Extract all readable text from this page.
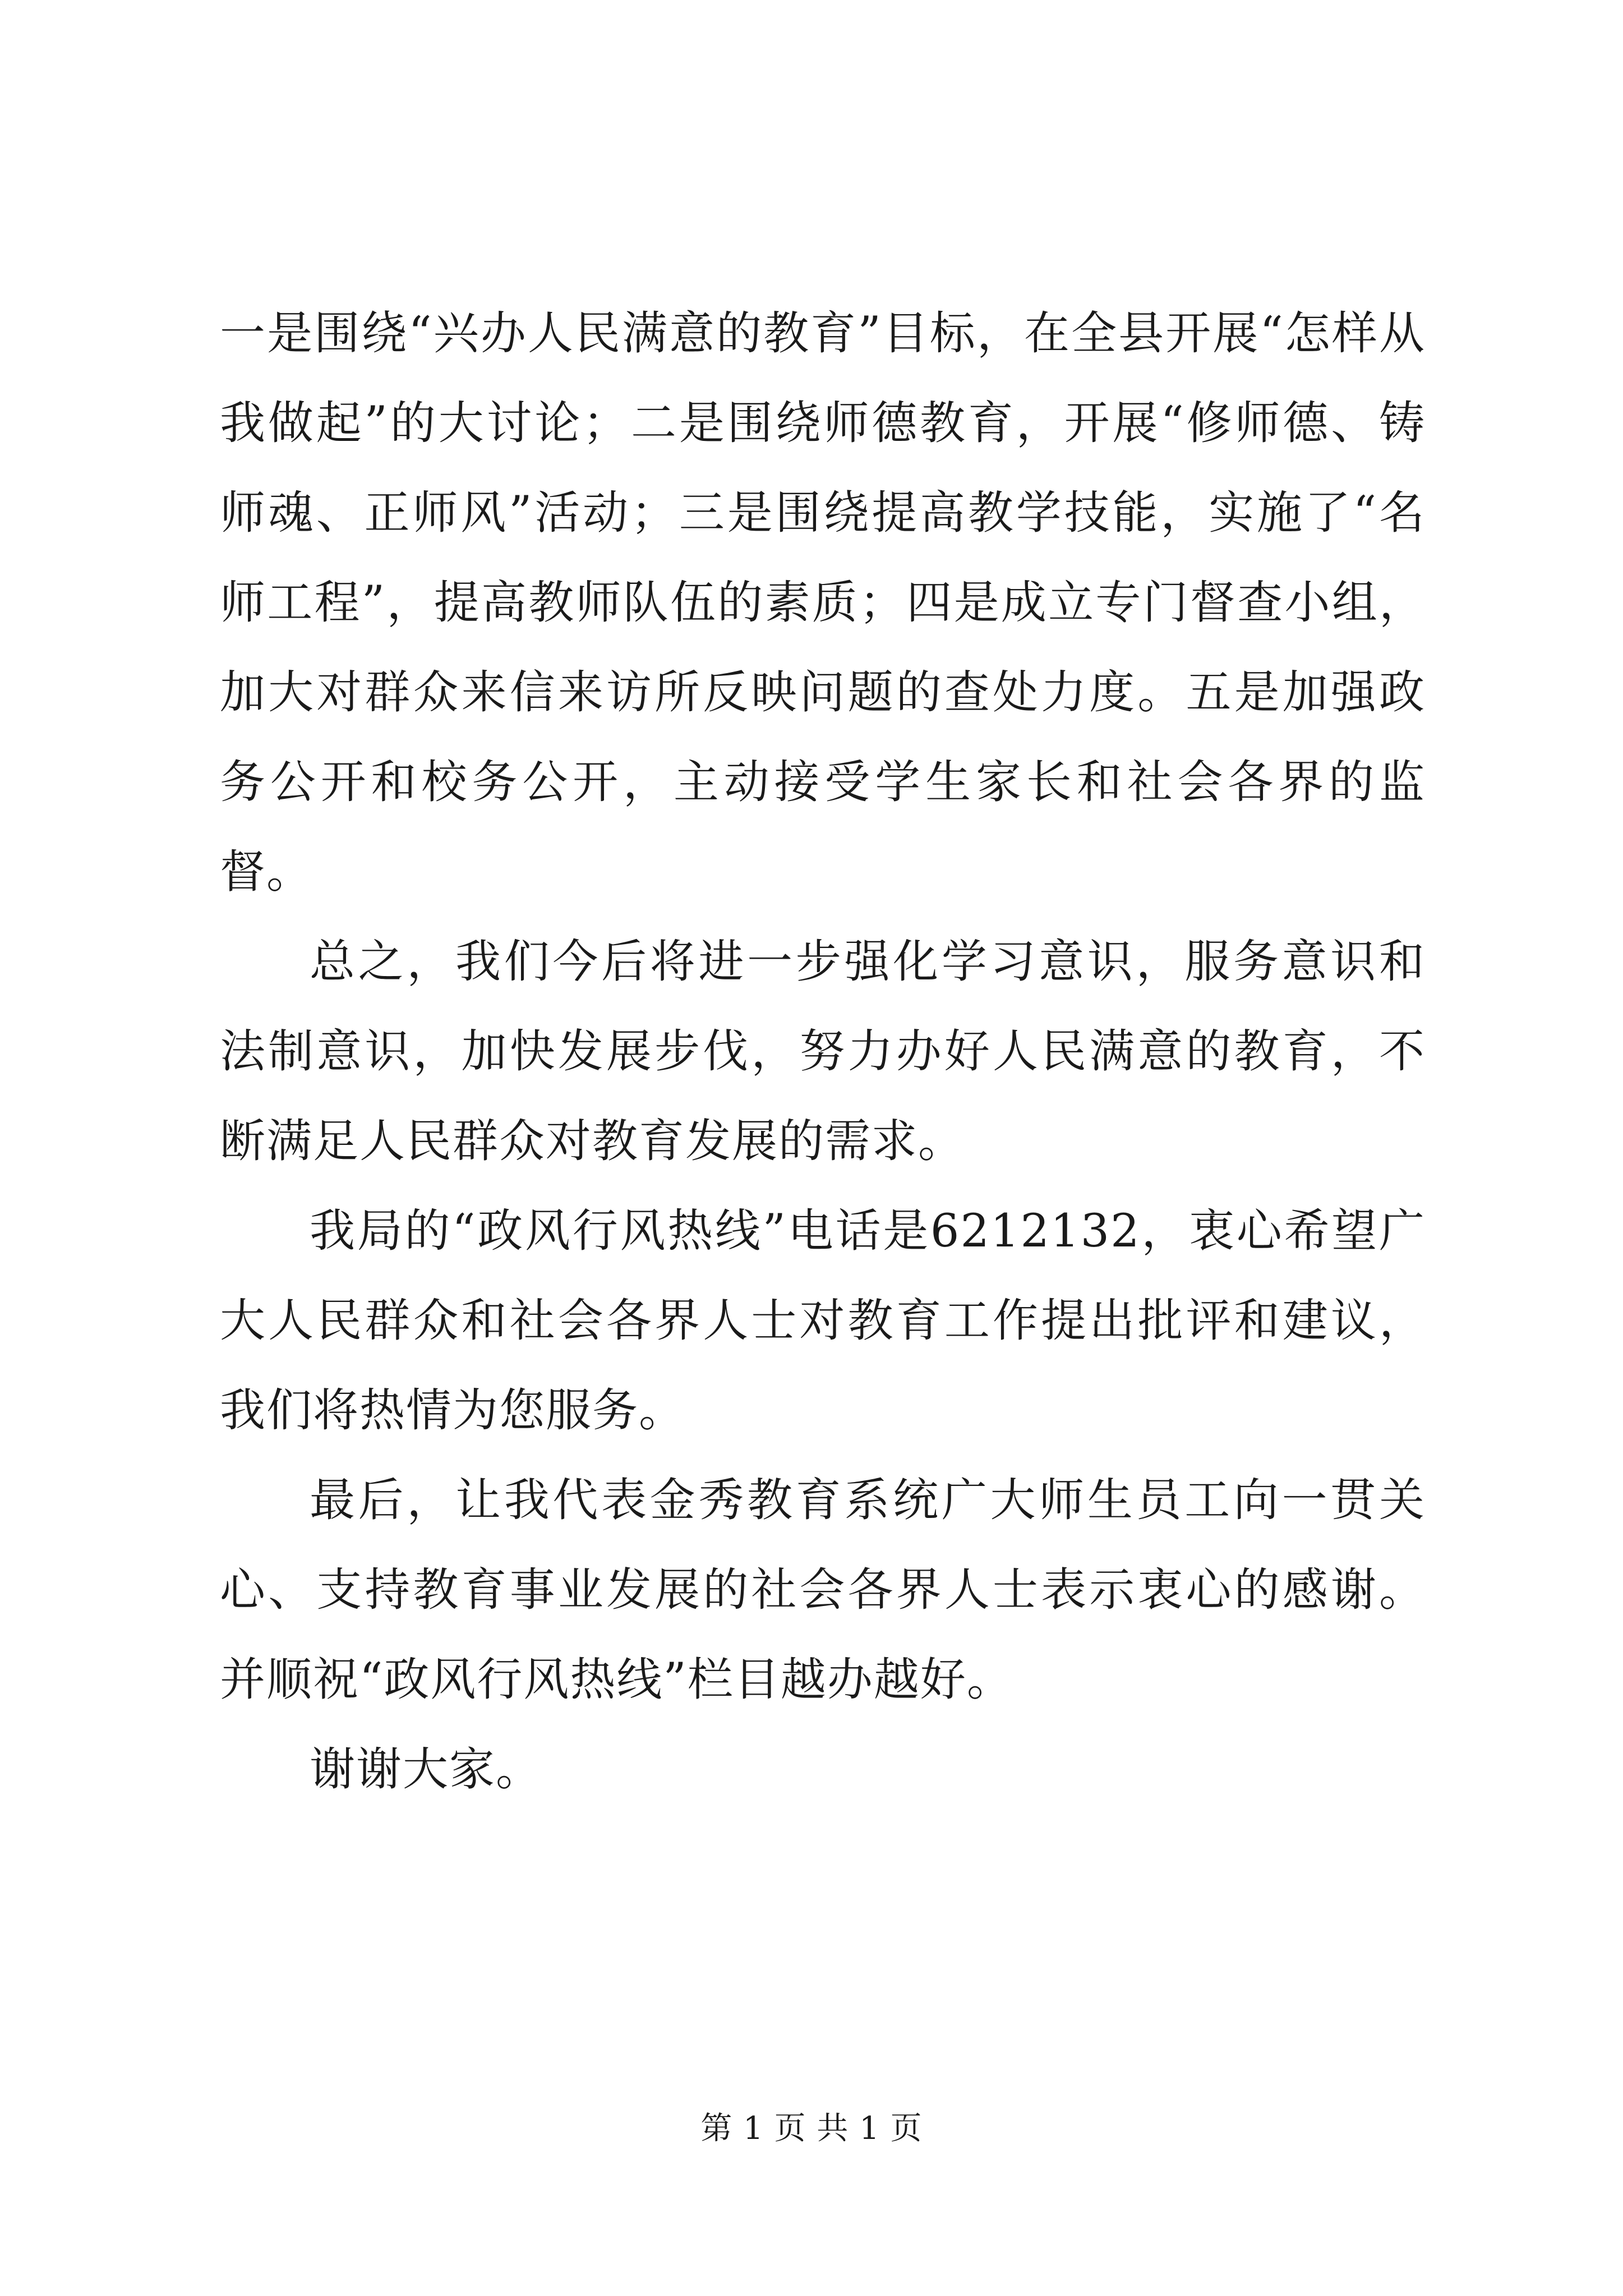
一是围绕“兴办人民满意的教育”目标，在全县开展“怎样从我做起”的大讨论；二是围绕师德教育，开展“修师德、铸师魂、正师风”活动；三是围绕提高教学技能，实施了“名师工程”，提高教师队伍的素质；四是成立专门督查小组，加大对群众来信来访所反映问题的查处力度。五是加强政务公开和校务公开，主动接受学生家长和社会各界的监督。

总之，我们今后将进一步强化学习意识，服务意识和法制意识，加快发展步伐，努力办好人民满意的教育，不断满足人民群众对教育发展的需求。

我局的“政风行风热线”电话是6212132，衷心希望广大人民群众和社会各界人士对教育工作提出批评和建议，我们将热情为您服务。

最后，让我代表金秀教育系统广大师生员工向一贯关心、支持教育事业发展的社会各界人士表示衷心的感谢。并顺祝“政风行风热线”栏目越办越好。

谢谢大家。

第 1 页 共 1 页
